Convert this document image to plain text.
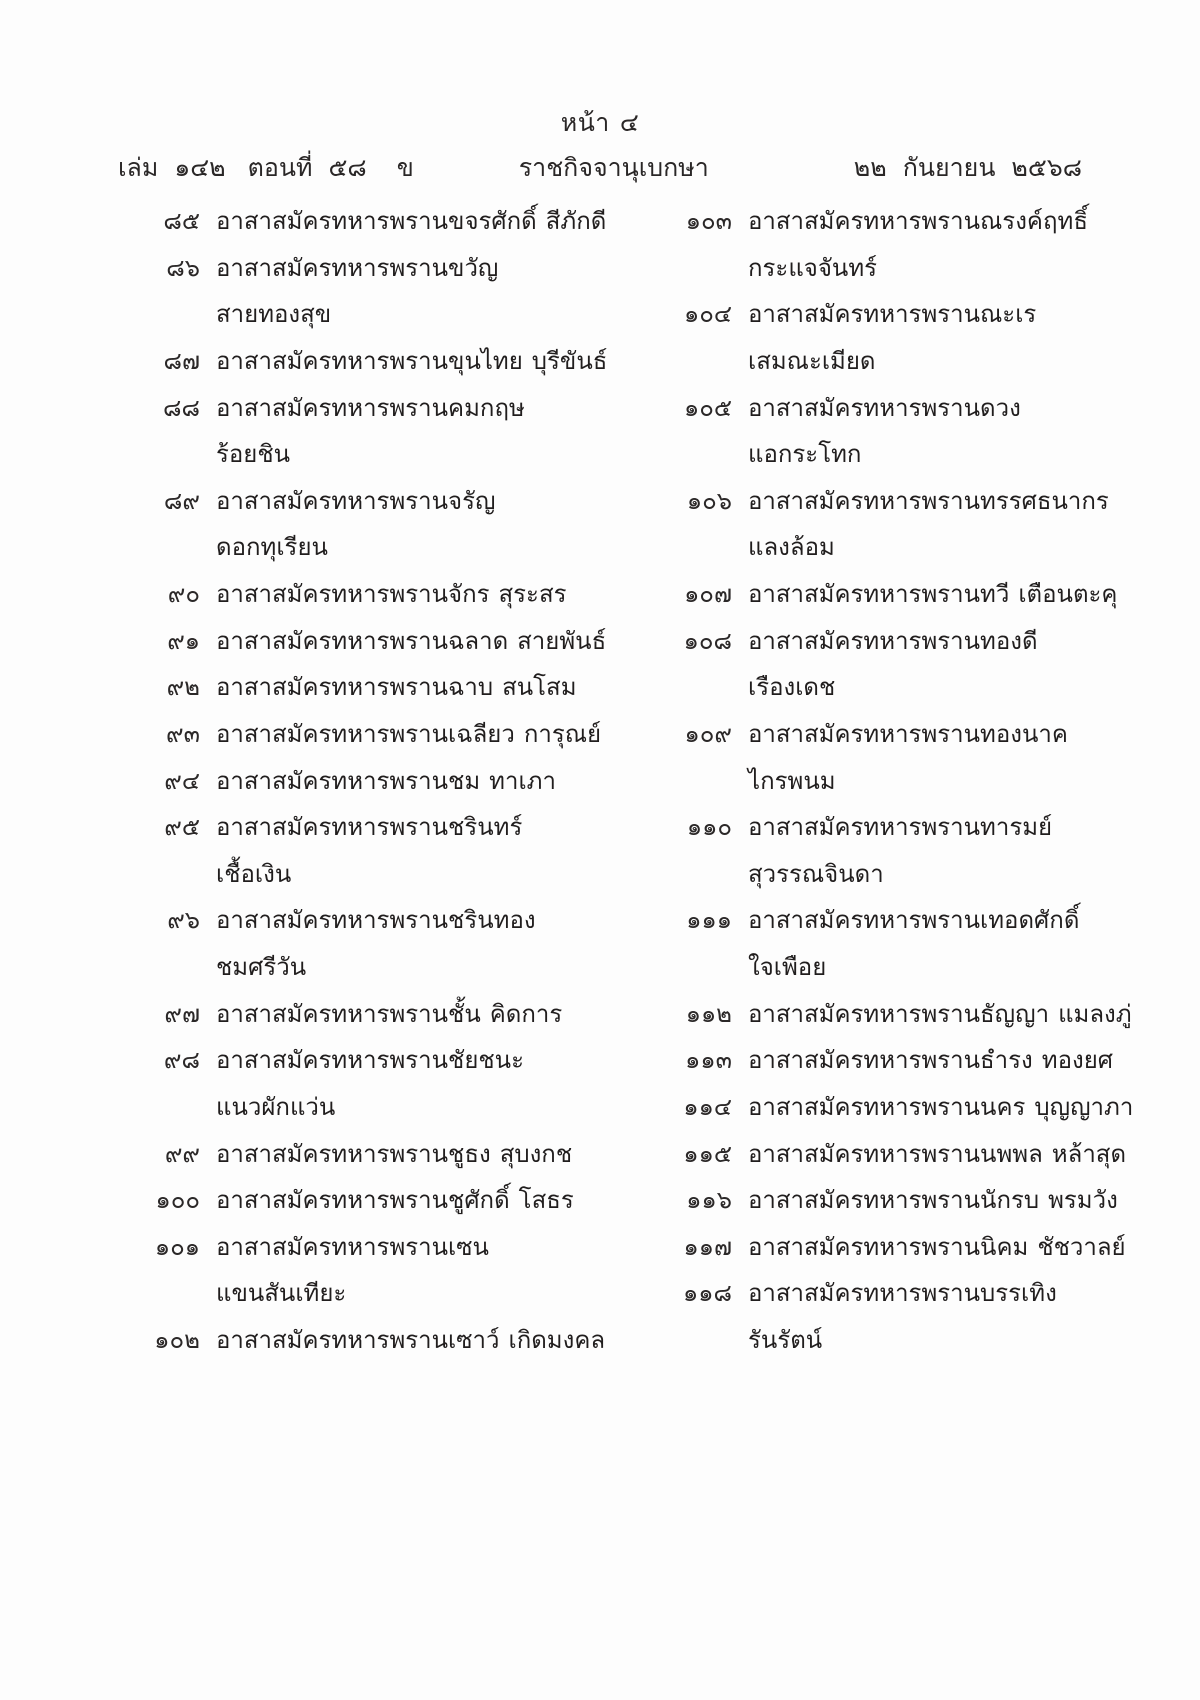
หน้า ๔
เล่ม ๑๔๒ ตอนที่ ๕๘ ข	ราชกิจจานุเบกษา	๒๒ กันยายน ๒๕๖๘
๘๕ อาสาสมัครทหารพรานขจรศักดิ์ สีภักดี
๘๖ อาสาสมัครทหารพรานขวัญ
สายทองสุข
๘๗ อาสาสมัครทหารพรานขุนไทย บุรีขันธ์
๘๘ อาสาสมัครทหารพรานคมกฤษ
ร้อยชิน
๘๙ อาสาสมัครทหารพรานจรัญ
ดอกทุเรียน
๙๐ อาสาสมัครทหารพรานจักร สุระสร
๙๑ อาสาสมัครทหารพรานฉลาด สายพันธ์
๙๒ อาสาสมัครทหารพรานฉาบ สนโสม
๙๓ อาสาสมัครทหารพรานเฉลียว การุณย์
๙๔ อาสาสมัครทหารพรานชม ทาเภา
๙๕ อาสาสมัครทหารพรานชรินทร์
เชื้อเงิน
๙๖ อาสาสมัครทหารพรานชรินทอง
ชมศรีวัน
๙๗ อาสาสมัครทหารพรานชั้น คิดการ
๙๘ อาสาสมัครทหารพรานชัยชนะ
แนวผักแว่น
๙๙ อาสาสมัครทหารพรานชูธง สุบงกช
๑๐๐ อาสาสมัครทหารพรานชูศักดิ์ โสธร
๑๐๑ อาสาสมัครทหารพรานเซน
แขนสันเทียะ
๑๐๒ อาสาสมัครทหารพรานเซาว์ เกิดมงคล
๑๐๓ อาสาสมัครทหารพรานณรงค์ฤทธิ์
กระแจจันทร์
๑๐๔ อาสาสมัครทหารพรานณะเร
เสมณะเมียด
๑๐๕ อาสาสมัครทหารพรานดวง
แอกระโทก
๑๐๖ อาสาสมัครทหารพรานทรรศธนากร
แลงล้อม
๑๐๗ อาสาสมัครทหารพรานทวี เตือนตะคุ
๑๐๘ อาสาสมัครทหารพรานทองดี
เรืองเดช
๑๐๙ อาสาสมัครทหารพรานทองนาค
ไกรพนม
๑๑๐ อาสาสมัครทหารพรานทารมย์
สุวรรณจินดา
๑๑๑ อาสาสมัครทหารพรานเทอดศักดิ์
ใจเพือย
๑๑๒ อาสาสมัครทหารพรานธัญญา แมลงภู่
๑๑๓ อาสาสมัครทหารพรานธำรง ทองยศ
๑๑๔ อาสาสมัครทหารพรานนคร บุญญาภา
๑๑๕ อาสาสมัครทหารพรานนพพล หล้าสุด
๑๑๖ อาสาสมัครทหารพรานนักรบ พรมวัง
๑๑๗ อาสาสมัครทหารพรานนิคม ชัชวาลย์
๑๑๘ อาสาสมัครทหารพรานบรรเทิง
รันรัตน์
